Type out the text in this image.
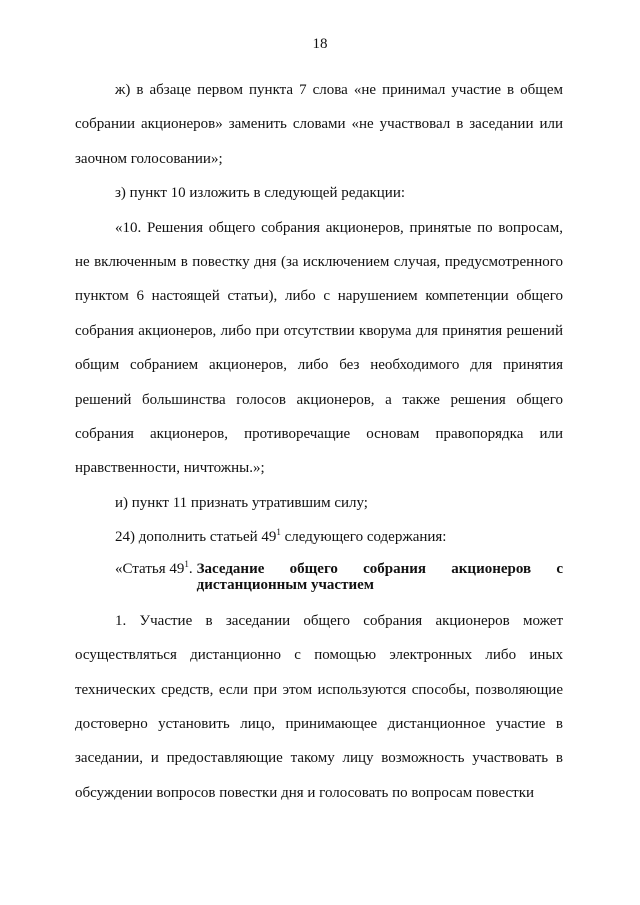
18

ж) в абзаце первом пункта 7 слова «не принимал участие в общем собрании акционеров» заменить словами «не участвовал в заседании или заочном голосовании»;

з) пункт 10 изложить в следующей редакции:

«10. Решения общего собрания акционеров, принятые по вопросам, не включенным в повестку дня (за исключением случая, предусмотренного пунктом 6 настоящей статьи), либо с нарушением компетенции общего собрания акционеров, либо при отсутствии кворума для принятия решений общим собранием акционеров, либо без необходимого для принятия решений большинства голосов акционеров, а также решения общего собрания акционеров, противоречащие основам правопорядка или нравственности, ничтожны.»;

и) пункт 11 признать утратившим силу;

24) дополнить статьей $49^1$ следующего содержания:

«Статья $49^1$. Заседание общего собрания акционеров с
дистанционным участием

1. Участие в заседании общего собрания акционеров может осуществляться дистанционно с помощью электронных либо иных технических средств, если при этом используются способы, позволяющие достоверно установить лицо, принимающее дистанционное участие в заседании, и предоставляющие такому лицу возможность участвовать в обсуждении вопросов повестки дня и голосовать по вопросам повестки
